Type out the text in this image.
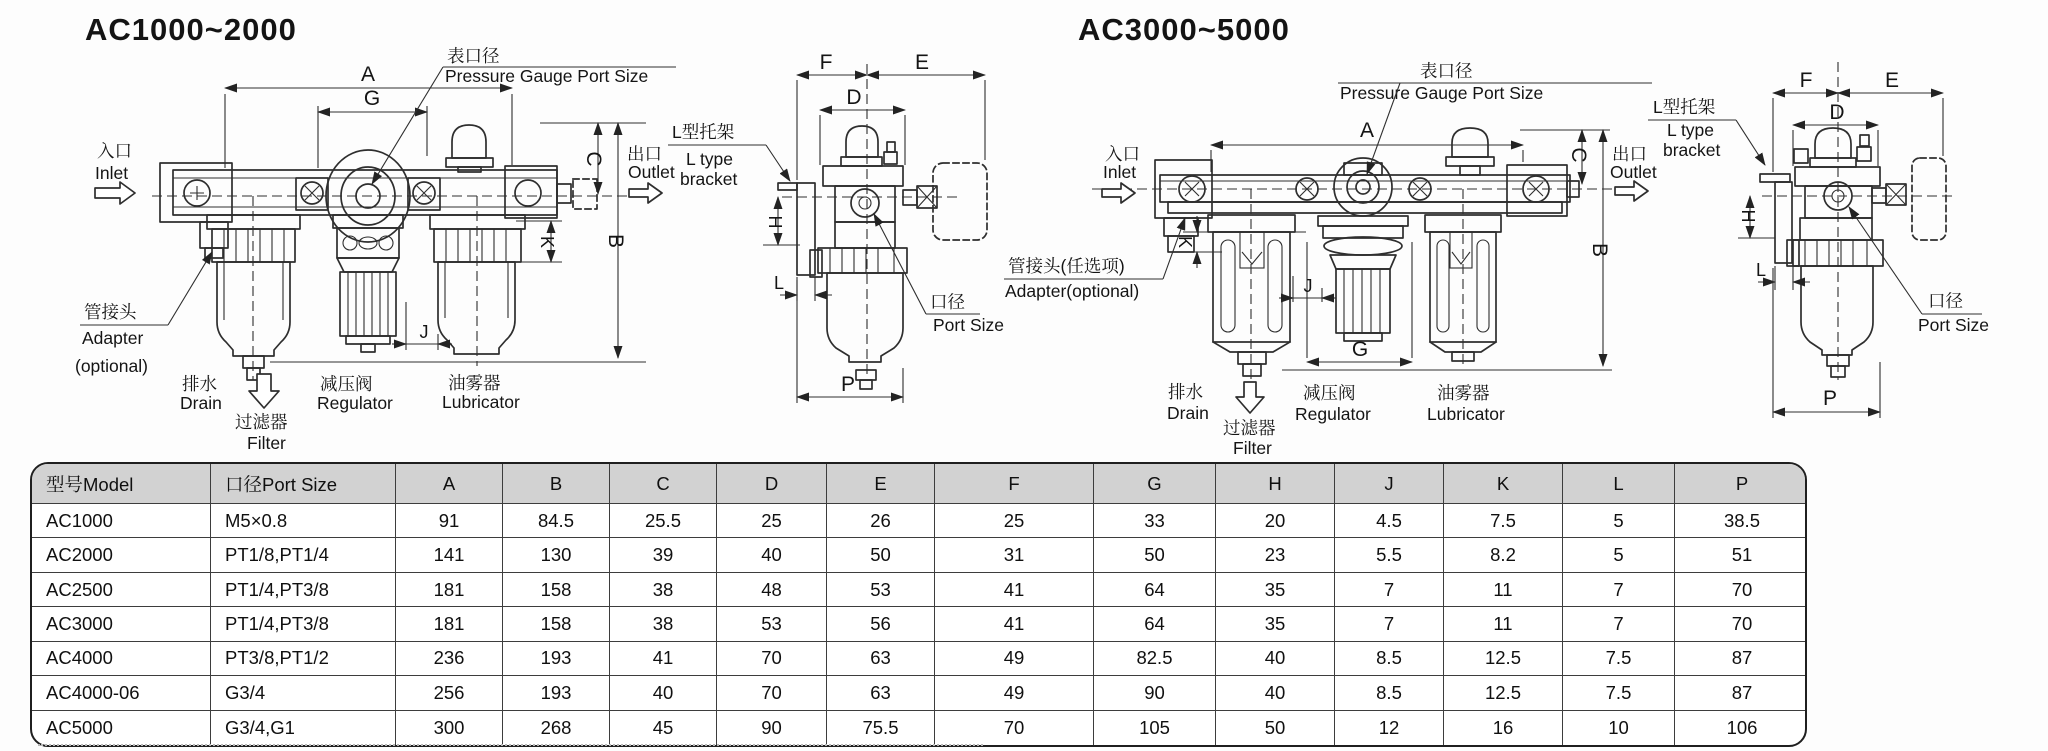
AC1000~2000
A
G
表口径
Pressure Gauge Port Size
入口
Inlet
出口
Outlet
C
B
K
J
管接头
Adapter
(optional)
排水
Drain
过滤器
Filter
减压阀
Regulator
油雾器
Lubricator
F	E
D
H
L
L型托架
L type
bracket
口径
Port Size
P
AC3000~5000
A
表口径
Pressure Gauge Port Size
G
C
B
出口
Outlet
入口
Inlet
管接头(任选项)
Adapter(optional)
K
J
排水
Drain
过滤器
Filter
减压阀
Regulator
油雾器
Lubricator
F	E
D
L型托架
L type
bracket
H
L
口径
Port Size
P
型号Model	口径Port Size	A	B	C	D	E	F	G	H	J	K	L	P
AC1000	M5×0.8	91	84.5	25.5	25	26	25	33	20	4.5	7.5	5	38.5
AC2000	PT1/8,PT1/4	141	130	39	40	50	31	50	23	5.5	8.2	5	51
AC2500	PT1/4,PT3/8	181	158	38	48	53	41	64	35	7	11	7	70
AC3000	PT1/4,PT3/8	181	158	38	53	56	41	64	35	7	11	7	70
AC4000	PT3/8,PT1/2	236	193	41	70	63	49	82.5	40	8.5	12.5	7.5	87
AC4000-06	G3/4	256	193	40	70	63	49	90	40	8.5	12.5	7.5	87
AC5000	G3/4,G1	300	268	45	90	75.5	70	105	50	12	16	10	106
